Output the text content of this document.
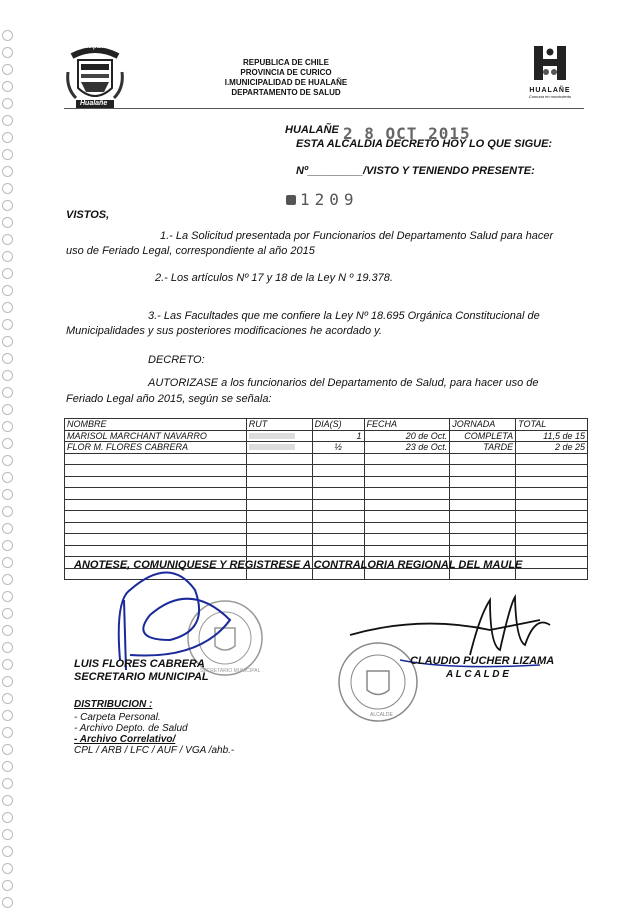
Municipalidad
Hualañe
REPUBLICA DE CHILE
PROVINCIA DE CURICO
I.MUNICIPALIDAD DE HUALAÑE
DEPARTAMENTO DE SALUD	HUALAÑE
Comuna en movimiento
HUALAÑE 2 8 OCT 2015
ESTA ALCALDIA DECRETO HOY LO QUE SIGUE:
Nº_________/VISTO Y TENIENDO PRESENTE:
1209
VISTOS,
1.- La Solicitud presentada por Funcionarios del Departamento Salud para hacer
uso de Feriado Legal, correspondiente al año 2015
2.- Los artículos Nº 17 y 18 de la Ley N º 19.378.
3.- Las Facultades que me confiere la Ley Nº 18.695 Orgánica Constitucional de
Municipalidades y sus posteriores modificaciones he acordado y.
DECRETO:
AUTORIZASE a los funcionarios del Departamento de Salud, para hacer uso de
Feriado Legal año 2015, según se señala:
NOMBRE	RUT	DIA(S)	FECHA	JORNADA	TOTAL
MARISOL MARCHANT NAVARRO		1	20 de Oct.	COMPLETA	11,5 de 15
FLOR M. FLORES CABRERA		½	23 de Oct.	TARDE	2 de 25

ANOTESE, COMUNIQUESE Y REGISTRESE A CONTRALORIA REGIONAL DEL MAULE
SECRETARIO MUNICIPAL
ALCALDE
LUIS FLORES CABRERA
SECRETARIO MUNICIPAL
CLAUDIO PUCHER LIZAMA
A L C A L D E
DISTRIBUCION :
- Carpeta Personal.
- Archivo Depto. de Salud
- Archivo Correlativo/
CPL / ARB / LFC / AUF / VGA /ahb.-
